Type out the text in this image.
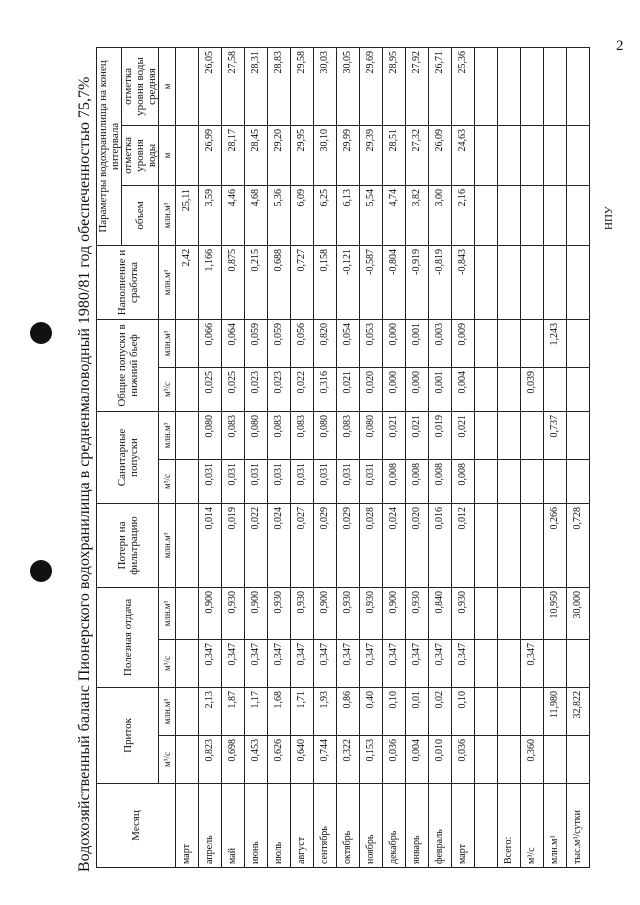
2
НПУ
Водохозяйственный баланс Пионерского водохранилища в средненмаловодный 1980/81 год обеспеченностью 75,7%	Месяц	Приток		Полезная отдача		Потери на фильтрацию	Санитарные попуски		Общие попуски в нижний бьеф		Наполнение и сработка	Параметры водохранилища на конец интервала		
											объем	отметка уровня воды	отметка уровня воды средняя
	м³/с	млн.м³	м³/с	млн.м³	млн.м³	м³/с	млн.м³	м³/с	млн.м³	млн.м³	млн.м³	м	м
март										2,42	25,11		
апрель	0,823	2,13	0,347	0,900	0,014	0,031	0,080	0,025	0,066	1,166	3,59	26,99	26,05
май	0,698	1,87	0,347	0,930	0,019	0,031	0,083	0,025	0,064	0,875	4,46	28,17	27,58
июнь	0,453	1,17	0,347	0,900	0,022	0,031	0,080	0,023	0,059	0,215	4,68	28,45	28,31
июль	0,626	1,68	0,347	0,930	0,024	0,031	0,083	0,023	0,059	0,688	5,36	29,20	28,83
август	0,640	1,71	0,347	0,930	0,027	0,031	0,083	0,022	0,056	0,727	6,09	29,95	29,58
сентябрь	0,744	1,93	0,347	0,900	0,029	0,031	0,080	0,316	0,820	0,158	6,25	30,10	30,03
октябрь	0,322	0,86	0,347	0,930	0,029	0,031	0,083	0,021	0,054	-0,121	6,13	29,99	30,05
ноябрь	0,153	0,40	0,347	0,930	0,028	0,031	0,080	0,020	0,053	-0,587	5,54	29,39	29,69
декабрь	0,036	0,10	0,347	0,900	0,024	0,008	0,021	0,000	0,000	-0,804	4,74	28,51	28,95
январь	0,004	0,01	0,347	0,930	0,020	0,008	0,021	0,000	0,001	-0,919	3,82	27,32	27,92
февраль	0,010	0,02	0,347	0,840	0,016	0,008	0,019	0,001	0,003	-0,819	3,00	26,09	26,71
март	0,036	0,10	0,347	0,930	0,012	0,008	0,021	0,004	0,009	-0,843	2,16	24,63	25,36

Всего:													
м³/с	0,360		0,347					0,039					
млн.м³		11,980		10,950	0,266		0,737		1,243				
тыс.м³/сутки		32,822		30,000	0,728								
